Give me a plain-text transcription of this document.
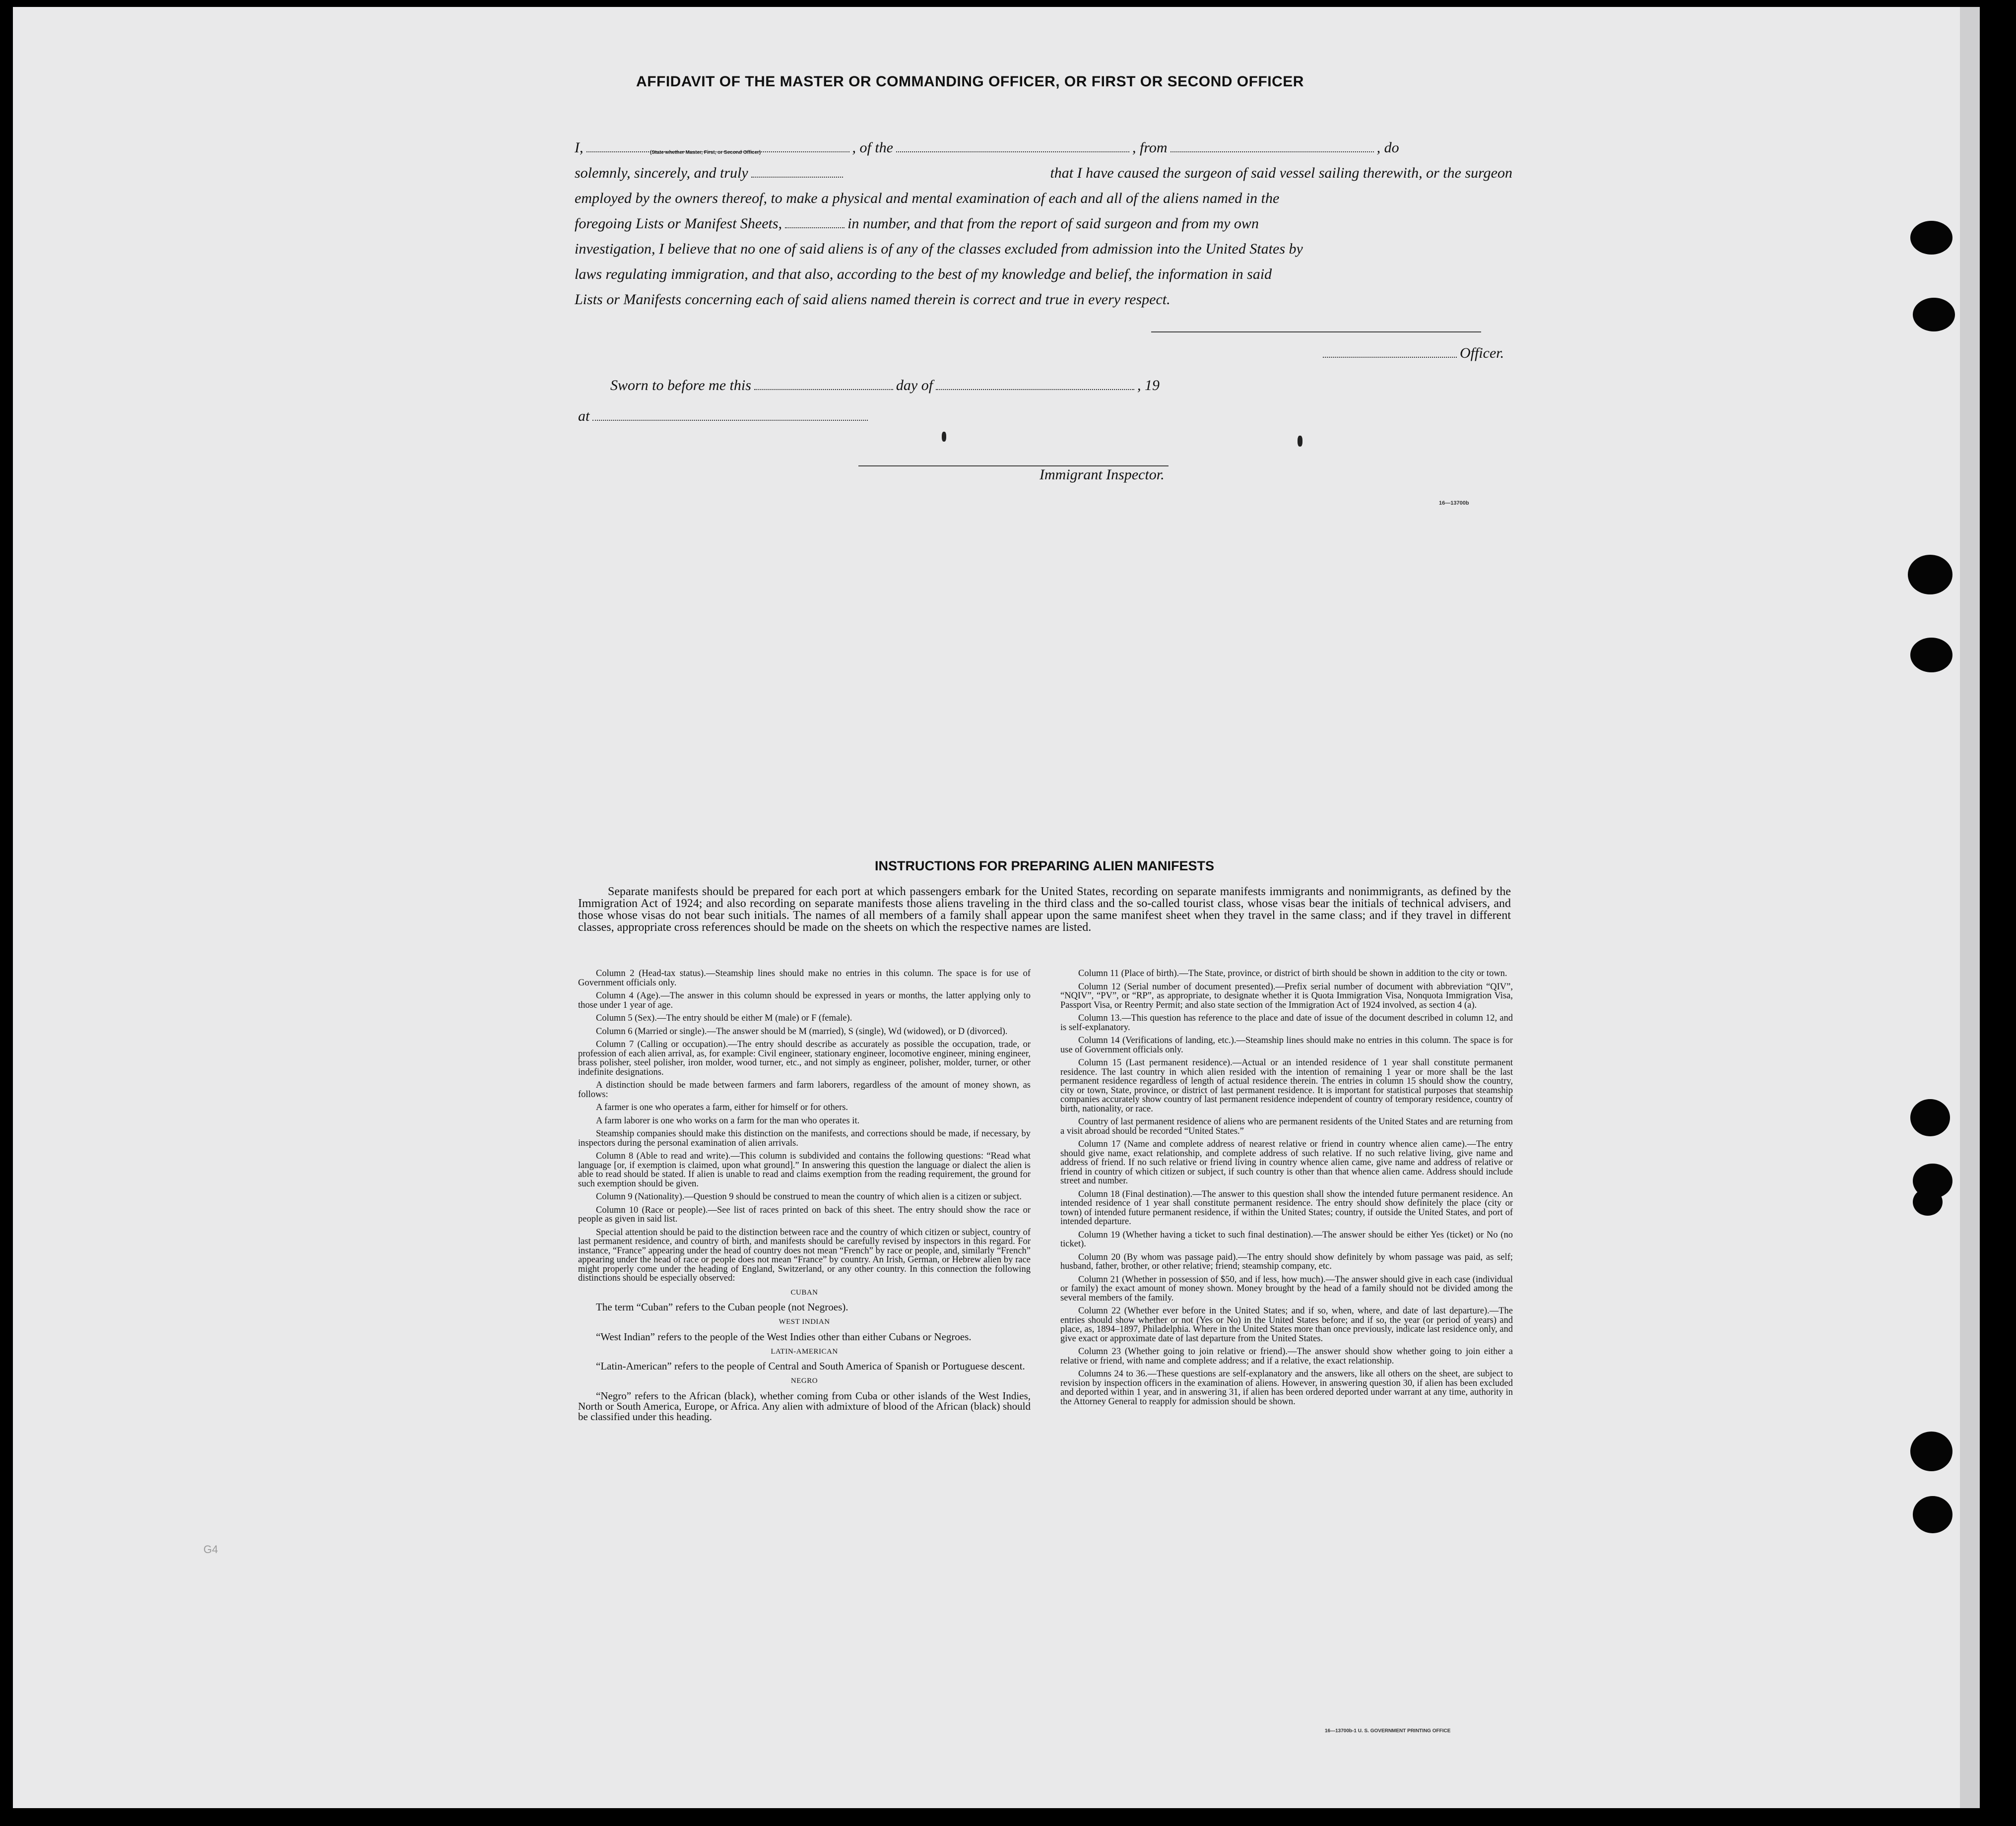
G4
AFFIDAVIT OF THE MASTER OR COMMANDING OFFICER, OR FIRST OR SECOND OFFICER
I,	, of the	, from	, do
solemnly, sincerely, and truly	that I have caused the surgeon of said vessel sailing therewith, or the surgeon
employed by the owners thereof, to make a physical and mental examination of each and all of the aliens named in the
foregoing Lists or Manifest Sheets,	in number, and that from the report of said surgeon and from my own
investigation, I believe that no one of said aliens is of any of the classes excluded from admission into the United States by
laws regulating immigration, and that also, according to the best of my knowledge and belief, the information in said
Lists or Manifests concerning each of said aliens named therein is correct and true in every respect.
(State whether Master, First, or Second Officer)
Officer.
Sworn to before me this	day of	, 19
at
Immigrant Inspector.
16—13700b
INSTRUCTIONS FOR PREPARING ALIEN MANIFESTS

Separate manifests should be prepared for each port at which passengers embark for the United States, recording on separate manifests immigrants and nonimmigrants, as defined by the Immigration Act of 1924; and also recording on separate manifests those aliens traveling in the third class and the so-called tourist class, whose visas bear the initials of technical advisers, and those whose visas do not bear such initials. The names of all members of a family shall appear upon the same manifest sheet when they travel in the same class; and if they travel in different classes, appropriate cross references should be made on the sheets on which the respective names are listed.

Column 2 (Head-tax status).—Steamship lines should make no entries in this column. The space is for use of Government officials only.

Column 4 (Age).—The answer in this column should be expressed in years or months, the latter applying only to those under 1 year of age.

Column 5 (Sex).—The entry should be either M (male) or F (female).

Column 6 (Married or single).—The answer should be M (married), S (single), Wd (widowed), or D (divorced).

Column 7 (Calling or occupation).—The entry should describe as accurately as possible the occupation, trade, or profession of each alien arrival, as, for example: Civil engineer, stationary engineer, locomotive engineer, mining engineer, brass polisher, steel polisher, iron molder, wood turner, etc., and not simply as engineer, polisher, molder, turner, or other indefinite designations.

A distinction should be made between farmers and farm laborers, regardless of the amount of money shown, as follows:

A farmer is one who operates a farm, either for himself or for others.

A farm laborer is one who works on a farm for the man who operates it.

Steamship companies should make this distinction on the manifests, and corrections should be made, if necessary, by inspectors during the personal examination of alien arrivals.

Column 8 (Able to read and write).—This column is subdivided and contains the following questions: “Read what language [or, if exemption is claimed, upon what ground].” In answering this question the language or dialect the alien is able to read should be stated. If alien is unable to read and claims exemption from the reading requirement, the ground for such exemption should be given.

Column 9 (Nationality).—Question 9 should be construed to mean the country of which alien is a citizen or subject.

Column 10 (Race or people).—See list of races printed on back of this sheet. The entry should show the race or people as given in said list.

Special attention should be paid to the distinction between race and the country of which citizen or subject, country of last permanent residence, and country of birth, and manifests should be carefully revised by inspectors in this regard. For instance, “France” appearing under the head of country does not mean “French” by race or people, and, similarly “French” appearing under the head of race or people does not mean “France” by country. An Irish, German, or Hebrew alien by race might properly come under the heading of England, Switzerland, or any other country. In this connection the following distinctions should be especially observed:

CUBAN

The term “Cuban” refers to the Cuban people (not Negroes).

WEST INDIAN

“West Indian” refers to the people of the West Indies other than either Cubans or Negroes.

LATIN-AMERICAN

“Latin-American” refers to the people of Central and South America of Spanish or Portuguese descent.

NEGRO

“Negro” refers to the African (black), whether coming from Cuba or other islands of the West Indies, North or South America, Europe, or Africa. Any alien with admixture of blood of the African (black) should be classified under this heading.

Column 11 (Place of birth).—The State, province, or district of birth should be shown in addition to the city or town.

Column 12 (Serial number of document presented).—Prefix serial number of document with abbreviation “QIV”, “NQIV”, “PV”, or “RP”, as appropriate, to designate whether it is Quota Immigration Visa, Nonquota Immigration Visa, Passport Visa, or Reentry Permit; and also state section of the Immigration Act of 1924 involved, as section 4 (a).

Column 13.—This question has reference to the place and date of issue of the document described in column 12, and is self-explanatory.

Column 14 (Verifications of landing, etc.).—Steamship lines should make no entries in this column. The space is for use of Government officials only.

Column 15 (Last permanent residence).—Actual or an intended residence of 1 year shall constitute permanent residence. The last country in which alien resided with the intention of remaining 1 year or more shall be the last permanent residence regardless of length of actual residence therein. The entries in column 15 should show the country, city or town, State, province, or district of last permanent residence. It is important for statistical purposes that steamship companies accurately show country of last permanent residence independent of country of temporary residence, country of birth, nationality, or race.

Country of last permanent residence of aliens who are permanent residents of the United States and are returning from a visit abroad should be recorded “United States.”

Column 17 (Name and complete address of nearest relative or friend in country whence alien came).—The entry should give name, exact relationship, and complete address of such relative. If no such relative living, give name and address of friend. If no such relative or friend living in country whence alien came, give name and address of relative or friend in country of which citizen or subject, if such country is other than that whence alien came. Address should include street and number.

Column 18 (Final destination).—The answer to this question shall show the intended future permanent residence. An intended residence of 1 year shall constitute permanent residence. The entry should show definitely the place (city or town) of intended future permanent residence, if within the United States; country, if outside the United States, and port of intended departure.

Column 19 (Whether having a ticket to such final destination).—The answer should be either Yes (ticket) or No (no ticket).

Column 20 (By whom was passage paid).—The entry should show definitely by whom passage was paid, as self; husband, father, brother, or other relative; friend; steamship company, etc.

Column 21 (Whether in possession of $50, and if less, how much).—The answer should give in each case (individual or family) the exact amount of money shown. Money brought by the head of a family should not be divided among the several members of the family.

Column 22 (Whether ever before in the United States; and if so, when, where, and date of last departure).—The entries should show whether or not (Yes or No) in the United States before; and if so, the year (or period of years) and place, as, 1894–1897, Philadelphia. Where in the United States more than once previously, indicate last residence only, and give exact or approximate date of last departure from the United States.

Column 23 (Whether going to join relative or friend).—The answer should show whether going to join either a relative or friend, with name and complete address; and if a relative, the exact relationship.

Columns 24 to 36.—These questions are self-explanatory and the answers, like all others on the sheet, are subject to revision by inspection officers in the examination of aliens. However, in answering question 30, if alien has been excluded and deported within 1 year, and in answering 31, if alien has been ordered deported under warrant at any time, authority in the Attorney General to reapply for admission should be shown.

16—13700b-1 U. S. GOVERNMENT PRINTING OFFICE
